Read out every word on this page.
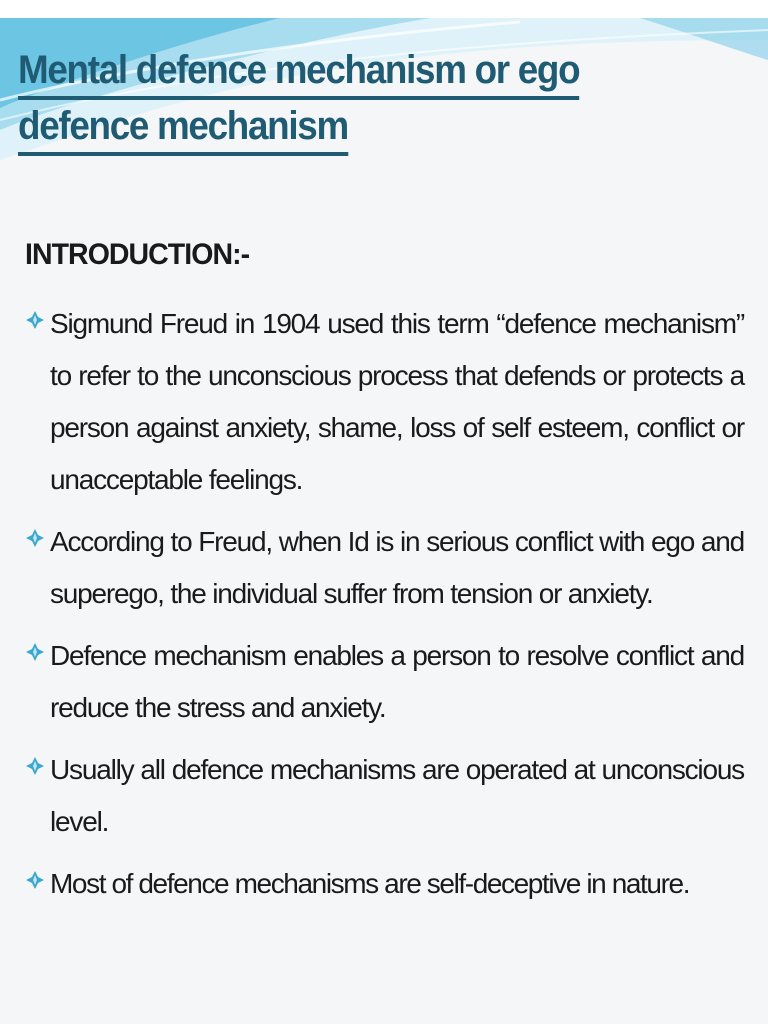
Mental defence mechanism or ego
defence mechanism
INTRODUCTION:-
Sigmund Freud in 1904 used this term “defence mechanism” to refer to the unconscious process that defends or protects a person against anxiety, shame, loss of self esteem, conflict or unacceptable feelings.
According to Freud, when Id is in serious conflict with ego and superego, the individual suffer from tension or anxiety.
Defence mechanism enables a person to resolve conflict and reduce the stress and anxiety.
Usually all defence mechanisms are operated at unconscious level.
Most of defence mechanisms are self-deceptive in nature.
